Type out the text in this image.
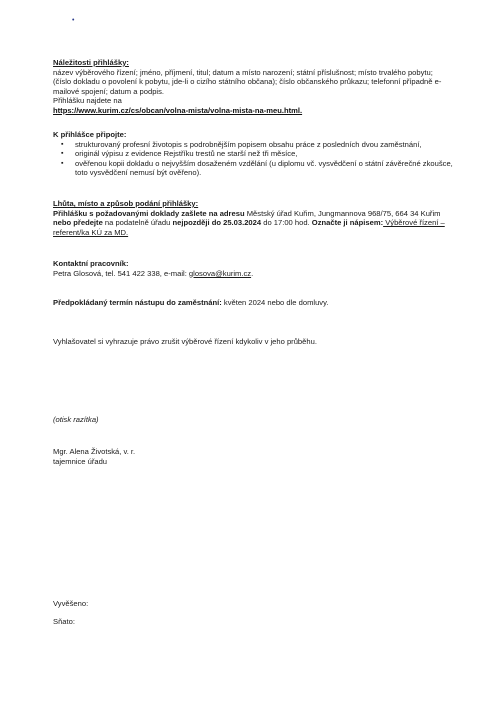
•
Náležitosti přihlášky:
název výběrového řízení; jméno, příjmení, titul; datum a místo narození; státní příslušnost; místo trvalého pobytu; (číslo dokladu o povolení k pobytu, jde-li o cizího státního občana); číslo občanského průkazu; telefonní případně e-mailové spojení; datum a podpis.
Přihlášku najdete na
https://www.kurim.cz/cs/obcan/volna-mista/volna-mista-na-meu.html.
K přihlášce připojte:
▪ strukturovaný profesní životopis s podrobnějším popisem obsahu práce z posledních dvou zaměstnání,
▪ originál výpisu z evidence Rejstříku trestů ne starší než tři měsíce,
▪ ověřenou kopii dokladu o nejvyšším dosaženém vzdělání (u diplomu vč. vysvědčení o státní závěrečné zkoušce, toto vysvědčení nemusí být ověřeno).
Lhůta, místo a způsob podání přihlášky:
Přihlášku s požadovanými doklady zašlete na adresu Městský úřad Kuřim, Jungmannova 968/75, 664 34 Kuřim nebo předejte na podatelně úřadu nejpozději do 25.03.2024 do 17:00 hod. Označte ji nápisem: Výběrové řízení – referent/ka KÚ za MD.
Kontaktní pracovník:
Petra Glosová, tel. 541 422 338, e-mail: glosova@kurim.cz.
Předpokládaný termín nástupu do zaměstnání: květen 2024 nebo dle domluvy.
Vyhlašovatel si vyhrazuje právo zrušit výběrové řízení kdykoliv v jeho průběhu.
(otisk razítka)
Mgr. Alena Životská, v. r.
tajemnice úřadu
Vyvěšeno:
Sňato:
